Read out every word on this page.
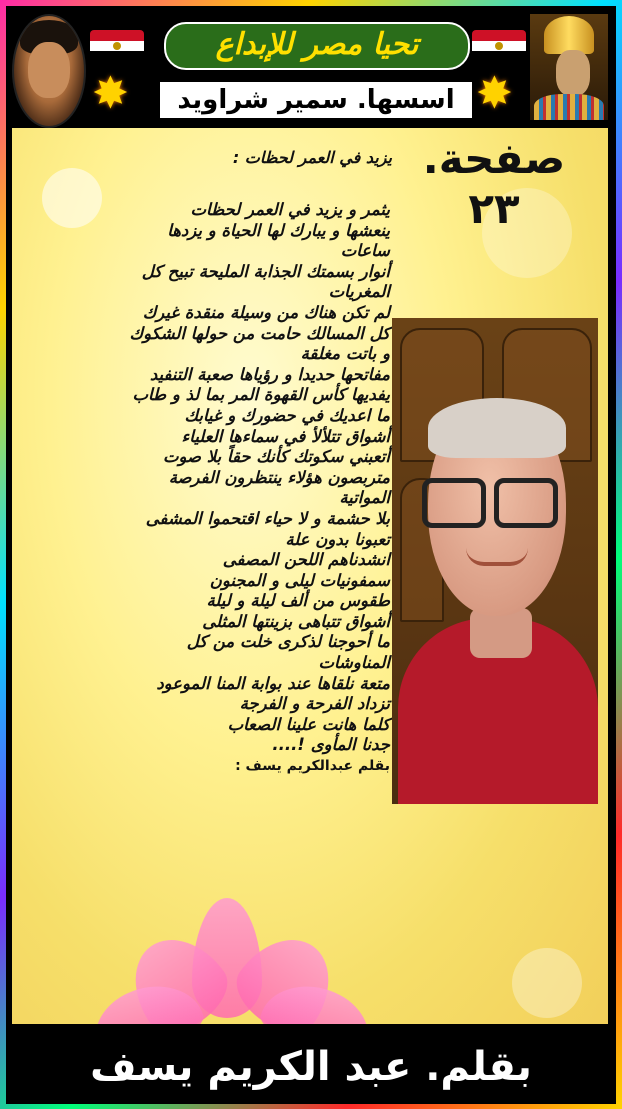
✸
تحيا مصر للإبداع
اسسها. سمير شراويد ✸
صفحة. ٢٣
يزيد في العمر لحظات :
يثمر و يزيد في العمر لحظات
ينعشها و يبارك لها الحياة و يزدها
ساعات
أنوار بسمتك الجذابة المليحة تبيح كل
المغريات
لم تكن هناك من وسيلة منقدة غيرك
كل المسالك حامت من حولها الشكوك
و باتت مغلقة
مفاتحها حديدا و رؤياها صعبة التنفيد
يفديها كأس القهوة المر بما لذ و طاب
ما اعديك في حضورك و غيابك
أشواق تتلألأ في سماءها العلياء
أتعبني سكوتك كأنك حقاً بلا صوت
متربصون هؤلاء ينتظرون الفرصة
المواتية
بلا حشمة و لا حياء اقتحموا المشفى
تعبونا بدون علة
انشدناهم اللحن المصفى
سمفونيات ليلى و المجنون
طقوس من ألف ليلة و ليلة
أشواق تتباهى بزينتها المثلى
ما أحوجنا لذكرى خلت من كل
المناوشات
متعة نلقاها عند بوابة المنا الموعود
تزداد الفرحة و الفرجة
كلما هانت علينا الصعاب
جدنا المأوى !....
بقلم عبدالكريم يسف :
بقلم. عبد الكريم يسف
